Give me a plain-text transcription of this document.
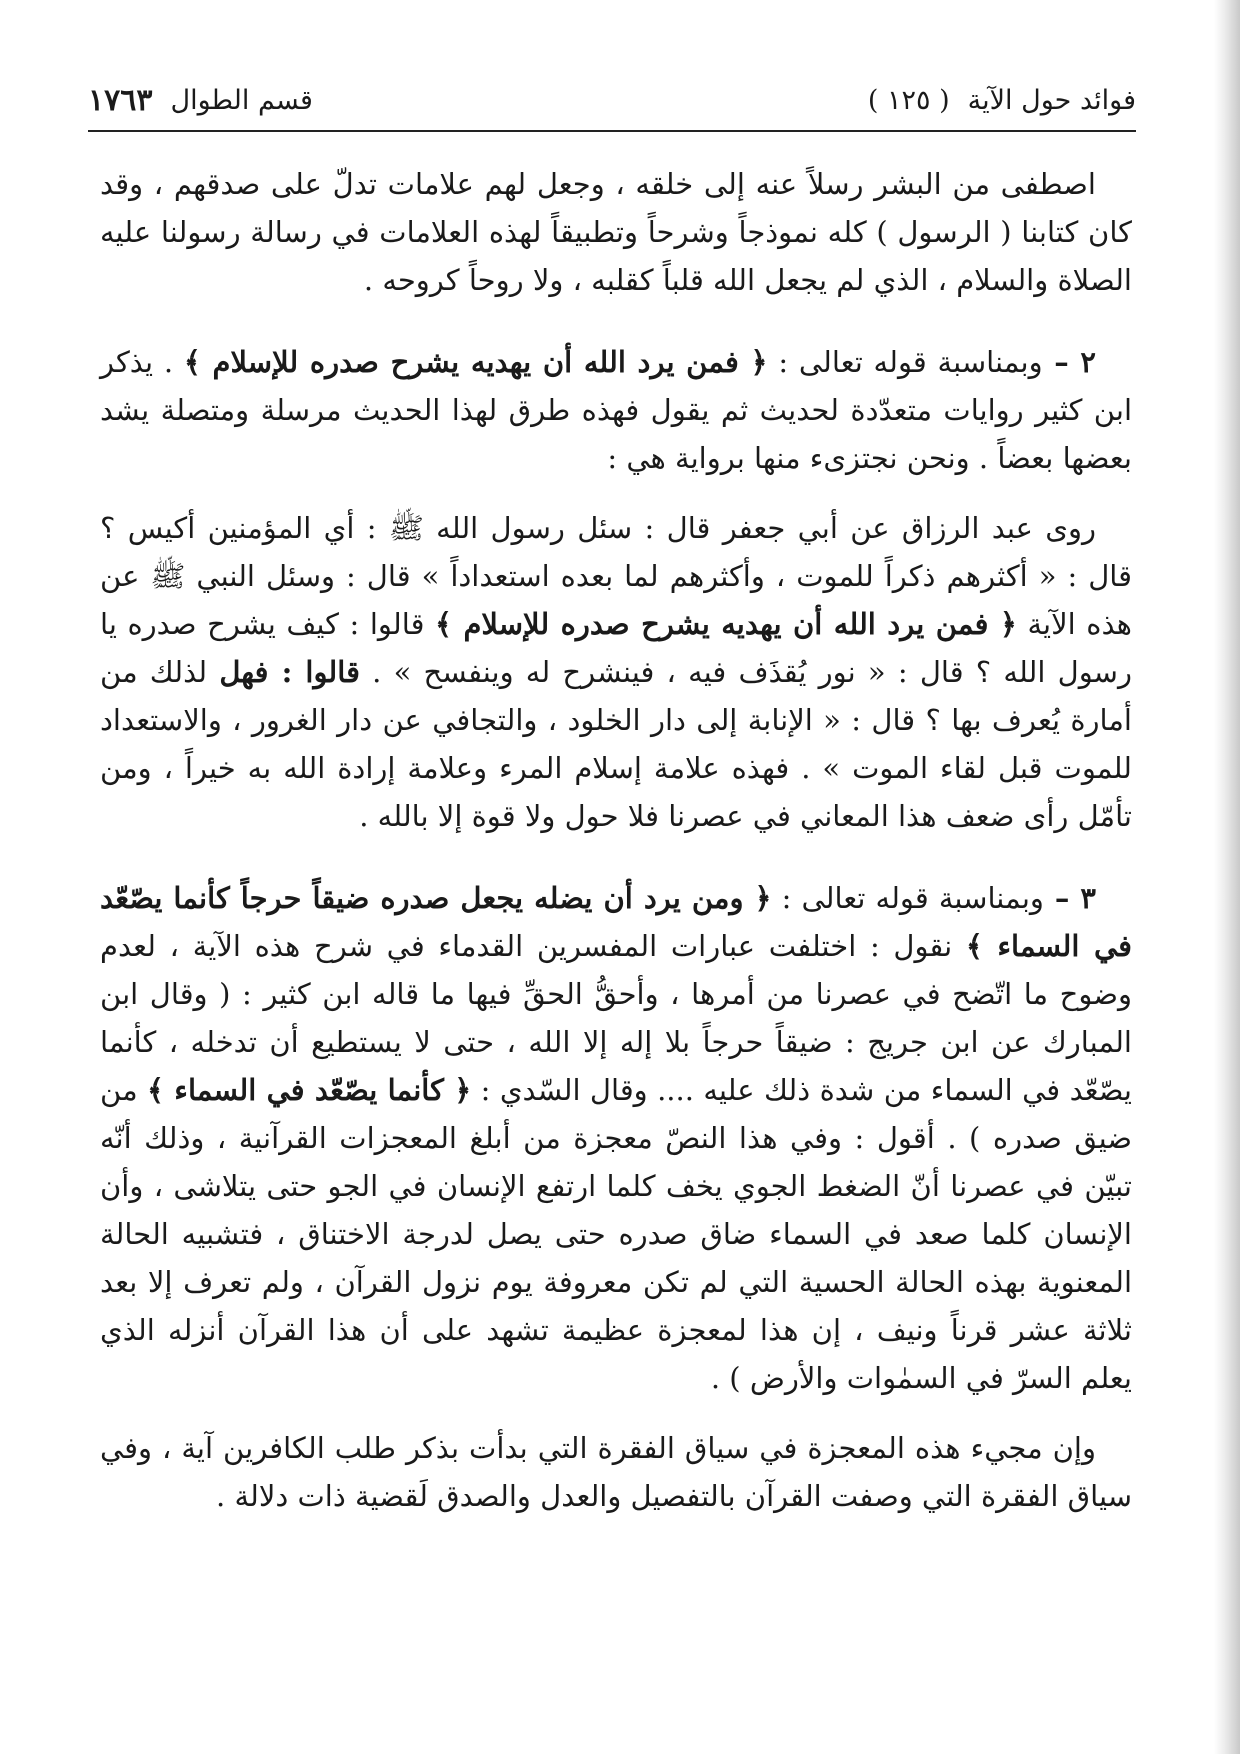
فوائد حول الآية
( ١٢٥ )
قسم الطوال
١٧٦٣

اصطفى من البشر رسلاً عنه إلى خلقه ، وجعل لهم علامات تدلّ على صدقهم ، وقد كان كتابنا ( الرسول ) كله نموذجاً وشرحاً وتطبيقاً لهذه العلامات في رسالة رسولنا عليه الصلاة والسلام ، الذي لم يجعل الله قلباً كقلبه ، ولا روحاً كروحه .

٢ – وبمناسبة قوله تعالى : ﴿ فمن يرد الله أن يهديه يشرح صدره للإسلام ﴾ . يذكر ابن كثير روايات متعدّدة لحديث ثم يقول فهذه طرق لهذا الحديث مرسلة ومتصلة يشد بعضها بعضاً . ونحن نجتزىء منها برواية هي :

روى عبد الرزاق عن أبي جعفر قال : سئل رسول الله ﷺ : أي المؤمنين أكيس ؟ قال : « أكثرهم ذكراً للموت ، وأكثرهم لما بعده استعداداً » قال : وسئل النبي ﷺ عن هذه الآية ﴿ فمن يرد الله أن يهديه يشرح صدره للإسلام ﴾ قالوا : كيف يشرح صدره يا رسول الله ؟ قال : « نور يُقذَف فيه ، فينشرح له وينفسح » . قالوا : فهل لذلك من أمارة يُعرف بها ؟ قال : « الإنابة إلى دار الخلود ، والتجافي عن دار الغرور ، والاستعداد للموت قبل لقاء الموت » . فهذه علامة إسلام المرء وعلامة إرادة الله به خيراً ، ومن تأمّل رأى ضعف هذا المعاني في عصرنا فلا حول ولا قوة إلا بالله .

٣ – وبمناسبة قوله تعالى : ﴿ ومن يرد أن يضله يجعل صدره ضيقاً حرجاً كأنما يصّعّد في السماء ﴾ نقول : اختلفت عبارات المفسرين القدماء في شرح هذه الآية ، لعدم وضوح ما اتّضح في عصرنا من أمرها ، وأحقُّ الحقِّ فيها ما قاله ابن كثير : ( وقال ابن المبارك عن ابن جريج : ضيقاً حرجاً بلا إله إلا الله ، حتى لا يستطيع أن تدخله ، كأنما يصّعّد في السماء من شدة ذلك عليه .... وقال السّدي : ﴿ كأنما يصّعّد في السماء ﴾ من ضيق صدره ) . أقول : وفي هذا النصّ معجزة من أبلغ المعجزات القرآنية ، وذلك أنّه تبيّن في عصرنا أنّ الضغط الجوي يخف كلما ارتفع الإنسان في الجو حتى يتلاشى ، وأن الإنسان كلما صعد في السماء ضاق صدره حتى يصل لدرجة الاختناق ، فتشبيه الحالة المعنوية بهذه الحالة الحسية التي لم تكن معروفة يوم نزول القرآن ، ولم تعرف إلا بعد ثلاثة عشر قرناً ونيف ، إن هذا لمعجزة عظيمة تشهد على أن هذا القرآن أنزله الذي يعلم السرّ في السمٰوات والأرض ) .

وإن مجيء هذه المعجزة في سياق الفقرة التي بدأت بذكر طلب الكافرين آية ، وفي سياق الفقرة التي وصفت القرآن بالتفصيل والعدل والصدق لَقضية ذات دلالة .
